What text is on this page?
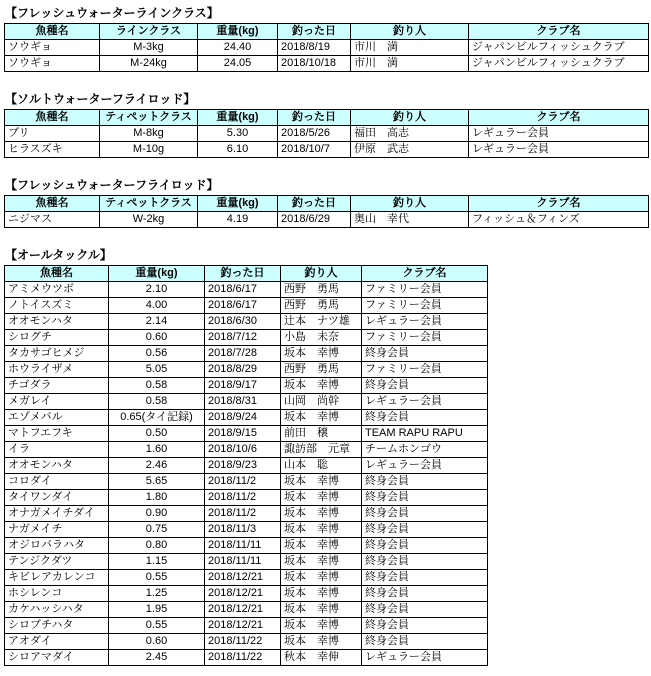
【フレッシュウォーターラインクラス】
魚種名	ラインクラス	重量(kg)	釣った日	釣り人	クラブ名
ソウギョ	M-3kg	24.40	2018/8/19	市川　満	ジャパンビルフィッシュクラブ
ソウギョ	M-24kg	24.05	2018/10/18	市川　満	ジャパンビルフィッシュクラブ
【ソルトウォーターフライロッド】
魚種名	ティペットクラス	重量(kg)	釣った日	釣り人	クラブ名
ブリ	M-8kg	5.30	2018/5/26	福田　高志	レギュラー会員
ヒラスズキ	M-10g	6.10	2018/10/7	伊原　武志	レギュラー会員
【フレッシュウォーターフライロッド】
魚種名	ティペットクラス	重量(kg)	釣った日	釣り人	クラブ名
ニジマス	W-2kg	4.19	2018/6/29	奥山　幸代	フィッシュ＆フィンズ
【オールタックル】
魚種名	重量(kg)	釣った日	釣り人	クラブ名
アミメウツボ	2.10	2018/6/17	西野　勇馬	ファミリー会員
ノトイスズミ	4.00	2018/6/17	西野　勇馬	ファミリー会員
オオモンハタ	2.14	2018/6/30	辻本　ナツ雄	レギュラー会員
シログチ	0.60	2018/7/12	小島　未奈	ファミリー会員
タカサゴヒメジ	0.56	2018/7/28	坂本　幸博	終身会員
ホウライザメ	5.05	2018/8/29	西野　勇馬	ファミリー会員
チゴダラ	0.58	2018/9/17	坂本　幸博	終身会員
メガレイ	0.58	2018/8/31	山岡　尚幹	レギュラー会員
エゾメバル	0.65(タイ記録)	2018/9/24	坂本　幸博	終身会員
マトフエフキ	0.50	2018/9/15	前田　穣	TEAM RAPU RAPU
イラ	1.60	2018/10/6	諏訪部　元章	チームホンゴウ
オオモンハタ	2.46	2018/9/23	山本　聡	レギュラー会員
コロダイ	5.65	2018/11/2	坂本　幸博	終身会員
タイワンダイ	1.80	2018/11/2	坂本　幸博	終身会員
オナガメイチダイ	0.90	2018/11/2	坂本　幸博	終身会員
ナガメイチ	0.75	2018/11/3	坂本　幸博	終身会員
オジロバラハタ	0.80	2018/11/11	坂本　幸博	終身会員
テンジクダツ	1.15	2018/11/11	坂本　幸博	終身会員
キビレアカレンコ	0.55	2018/12/21	坂本　幸博	終身会員
ホシレンコ	1.25	2018/12/21	坂本　幸博	終身会員
カケハッシハタ	1.95	2018/12/21	坂本　幸博	終身会員
シロブチハタ	0.55	2018/12/21	坂本　幸博	終身会員
アオダイ	0.60	2018/11/22	坂本　幸博	終身会員
シロアマダイ	2.45	2018/11/22	秋本　幸伸	レギュラー会員
